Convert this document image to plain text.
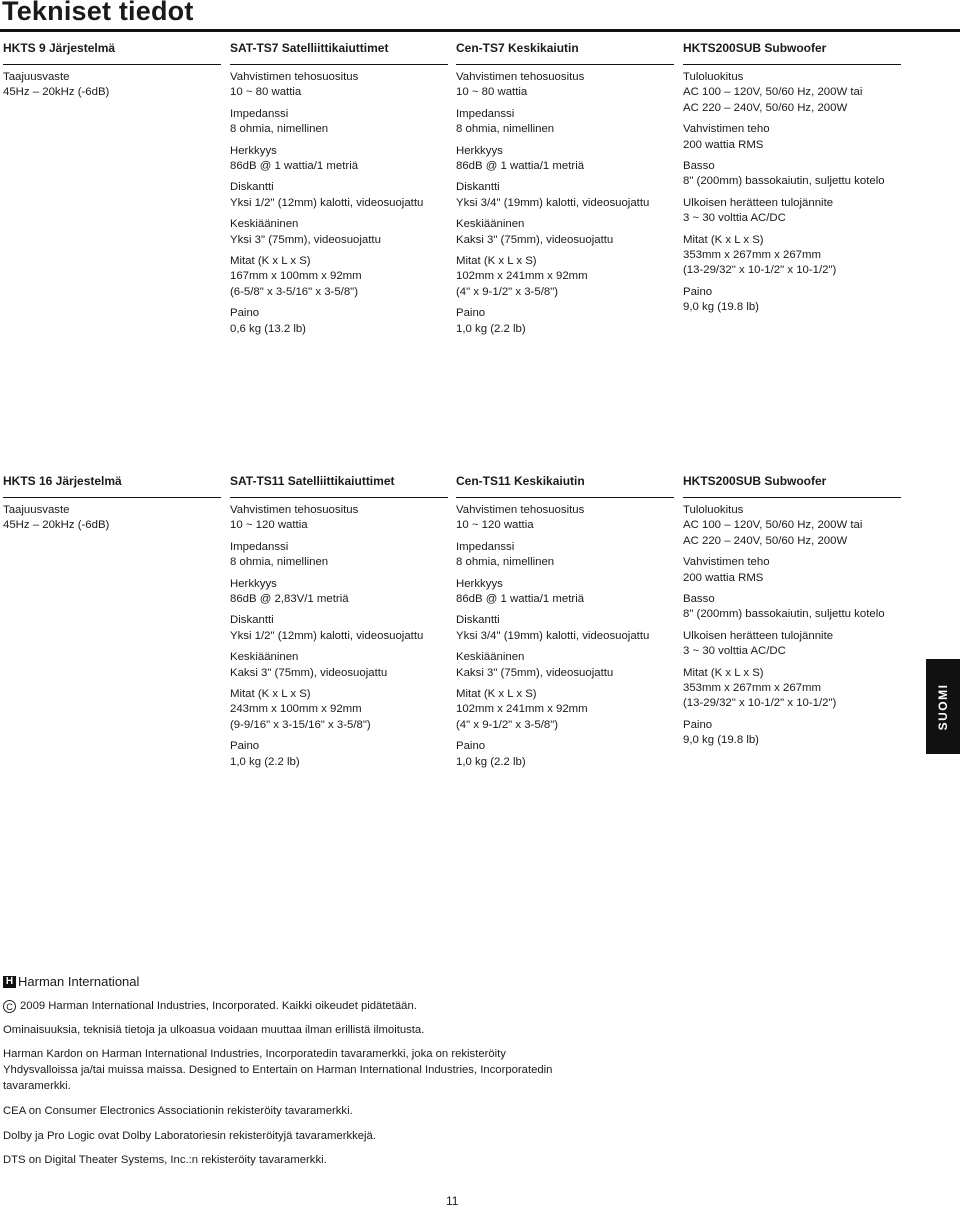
Tekniset tiedot
HKTS 9 Järjestelmä
Taajuusvaste
45Hz – 20kHz (-6dB)
SAT-TS7 Satelliittikaiuttimet
Vahvistimen tehosuositus
10 ~ 80 wattia
Impedanssi
8 ohmia, nimellinen
Herkkyys
86dB @ 1 wattia/1 metriä
Diskantti
Yksi 1/2" (12mm) kalotti, videosuojattu
Keskiääninen
Yksi 3" (75mm), videosuojattu
Mitat (K x L x S)
167mm x 100mm x 92mm
(6-5/8" x 3-5/16" x 3-5/8")
Paino
0,6 kg (13.2 lb)
Cen-TS7 Keskikaiutin
Vahvistimen tehosuositus
10 ~ 80 wattia
Impedanssi
8 ohmia, nimellinen
Herkkyys
86dB @ 1 wattia/1 metriä
Diskantti
Yksi 3/4" (19mm) kalotti, videosuojattu
Keskiääninen
Kaksi 3" (75mm), videosuojattu
Mitat (K x L x S)
102mm x 241mm x 92mm
(4" x 9-1/2" x 3-5/8")
Paino
1,0 kg (2.2 lb)
HKTS200SUB Subwoofer
Tuloluokitus
AC 100 – 120V, 50/60 Hz, 200W tai
AC 220 – 240V, 50/60 Hz, 200W
Vahvistimen teho
200 wattia RMS
Basso
8" (200mm) bassokaiutin, suljettu kotelo
Ulkoisen herätteen tulojännite
3 ~ 30 volttia AC/DC
Mitat (K x L x S)
353mm x 267mm x 267mm
(13-29/32" x 10-1/2" x 10-1/2")
Paino
9,0 kg (19.8 lb)
HKTS 16 Järjestelmä
Taajuusvaste
45Hz – 20kHz (-6dB)
SAT-TS11 Satelliittikaiuttimet
Vahvistimen tehosuositus
10 ~ 120 wattia
Impedanssi
8 ohmia, nimellinen
Herkkyys
86dB @ 2,83V/1 metriä
Diskantti
Yksi 1/2" (12mm) kalotti, videosuojattu
Keskiääninen
Kaksi 3" (75mm), videosuojattu
Mitat (K x L x S)
243mm x 100mm x 92mm
(9-9/16" x 3-15/16" x 3-5/8")
Paino
1,0 kg (2.2 lb)
Cen-TS11 Keskikaiutin
Vahvistimen tehosuositus
10 ~ 120 wattia
Impedanssi
8 ohmia, nimellinen
Herkkyys
86dB @ 1 wattia/1 metriä
Diskantti
Yksi 3/4" (19mm) kalotti, videosuojattu
Keskiääninen
Kaksi 3" (75mm), videosuojattu
Mitat (K x L x S)
102mm x 241mm x 92mm
(4" x 9-1/2" x 3-5/8")
Paino
1,0 kg (2.2 lb)
HKTS200SUB Subwoofer
Tuloluokitus
AC 100 – 120V, 50/60 Hz, 200W tai
AC 220 – 240V, 50/60 Hz, 200W
Vahvistimen teho
200 wattia RMS
Basso
8" (200mm) bassokaiutin, suljettu kotelo
Ulkoisen herätteen tulojännite
3 ~ 30 volttia AC/DC
Mitat (K x L x S)
353mm x 267mm x 267mm
(13-29/32" x 10-1/2" x 10-1/2")
Paino
9,0 kg (19.8 lb)
SUOMI
H Harman International
C 2009 Harman International Industries, Incorporated. Kaikki oikeudet pidätetään.
Ominaisuuksia, teknisiä tietoja ja ulkoasua voidaan muuttaa ilman erillistä ilmoitusta.
Harman Kardon on Harman International Industries, Incorporatedin tavaramerkki, joka on rekisteröity Yhdysvalloissa ja/tai muissa maissa. Designed to Entertain on Harman International Industries, Incorporatedin tavaramerkki.
CEA on Consumer Electronics Associationin rekisteröity tavaramerkki.
Dolby ja Pro Logic ovat Dolby Laboratoriesin rekisteröityjä tavaramerkkejä.
DTS on Digital Theater Systems, Inc.:n rekisteröity tavaramerkki.
11
